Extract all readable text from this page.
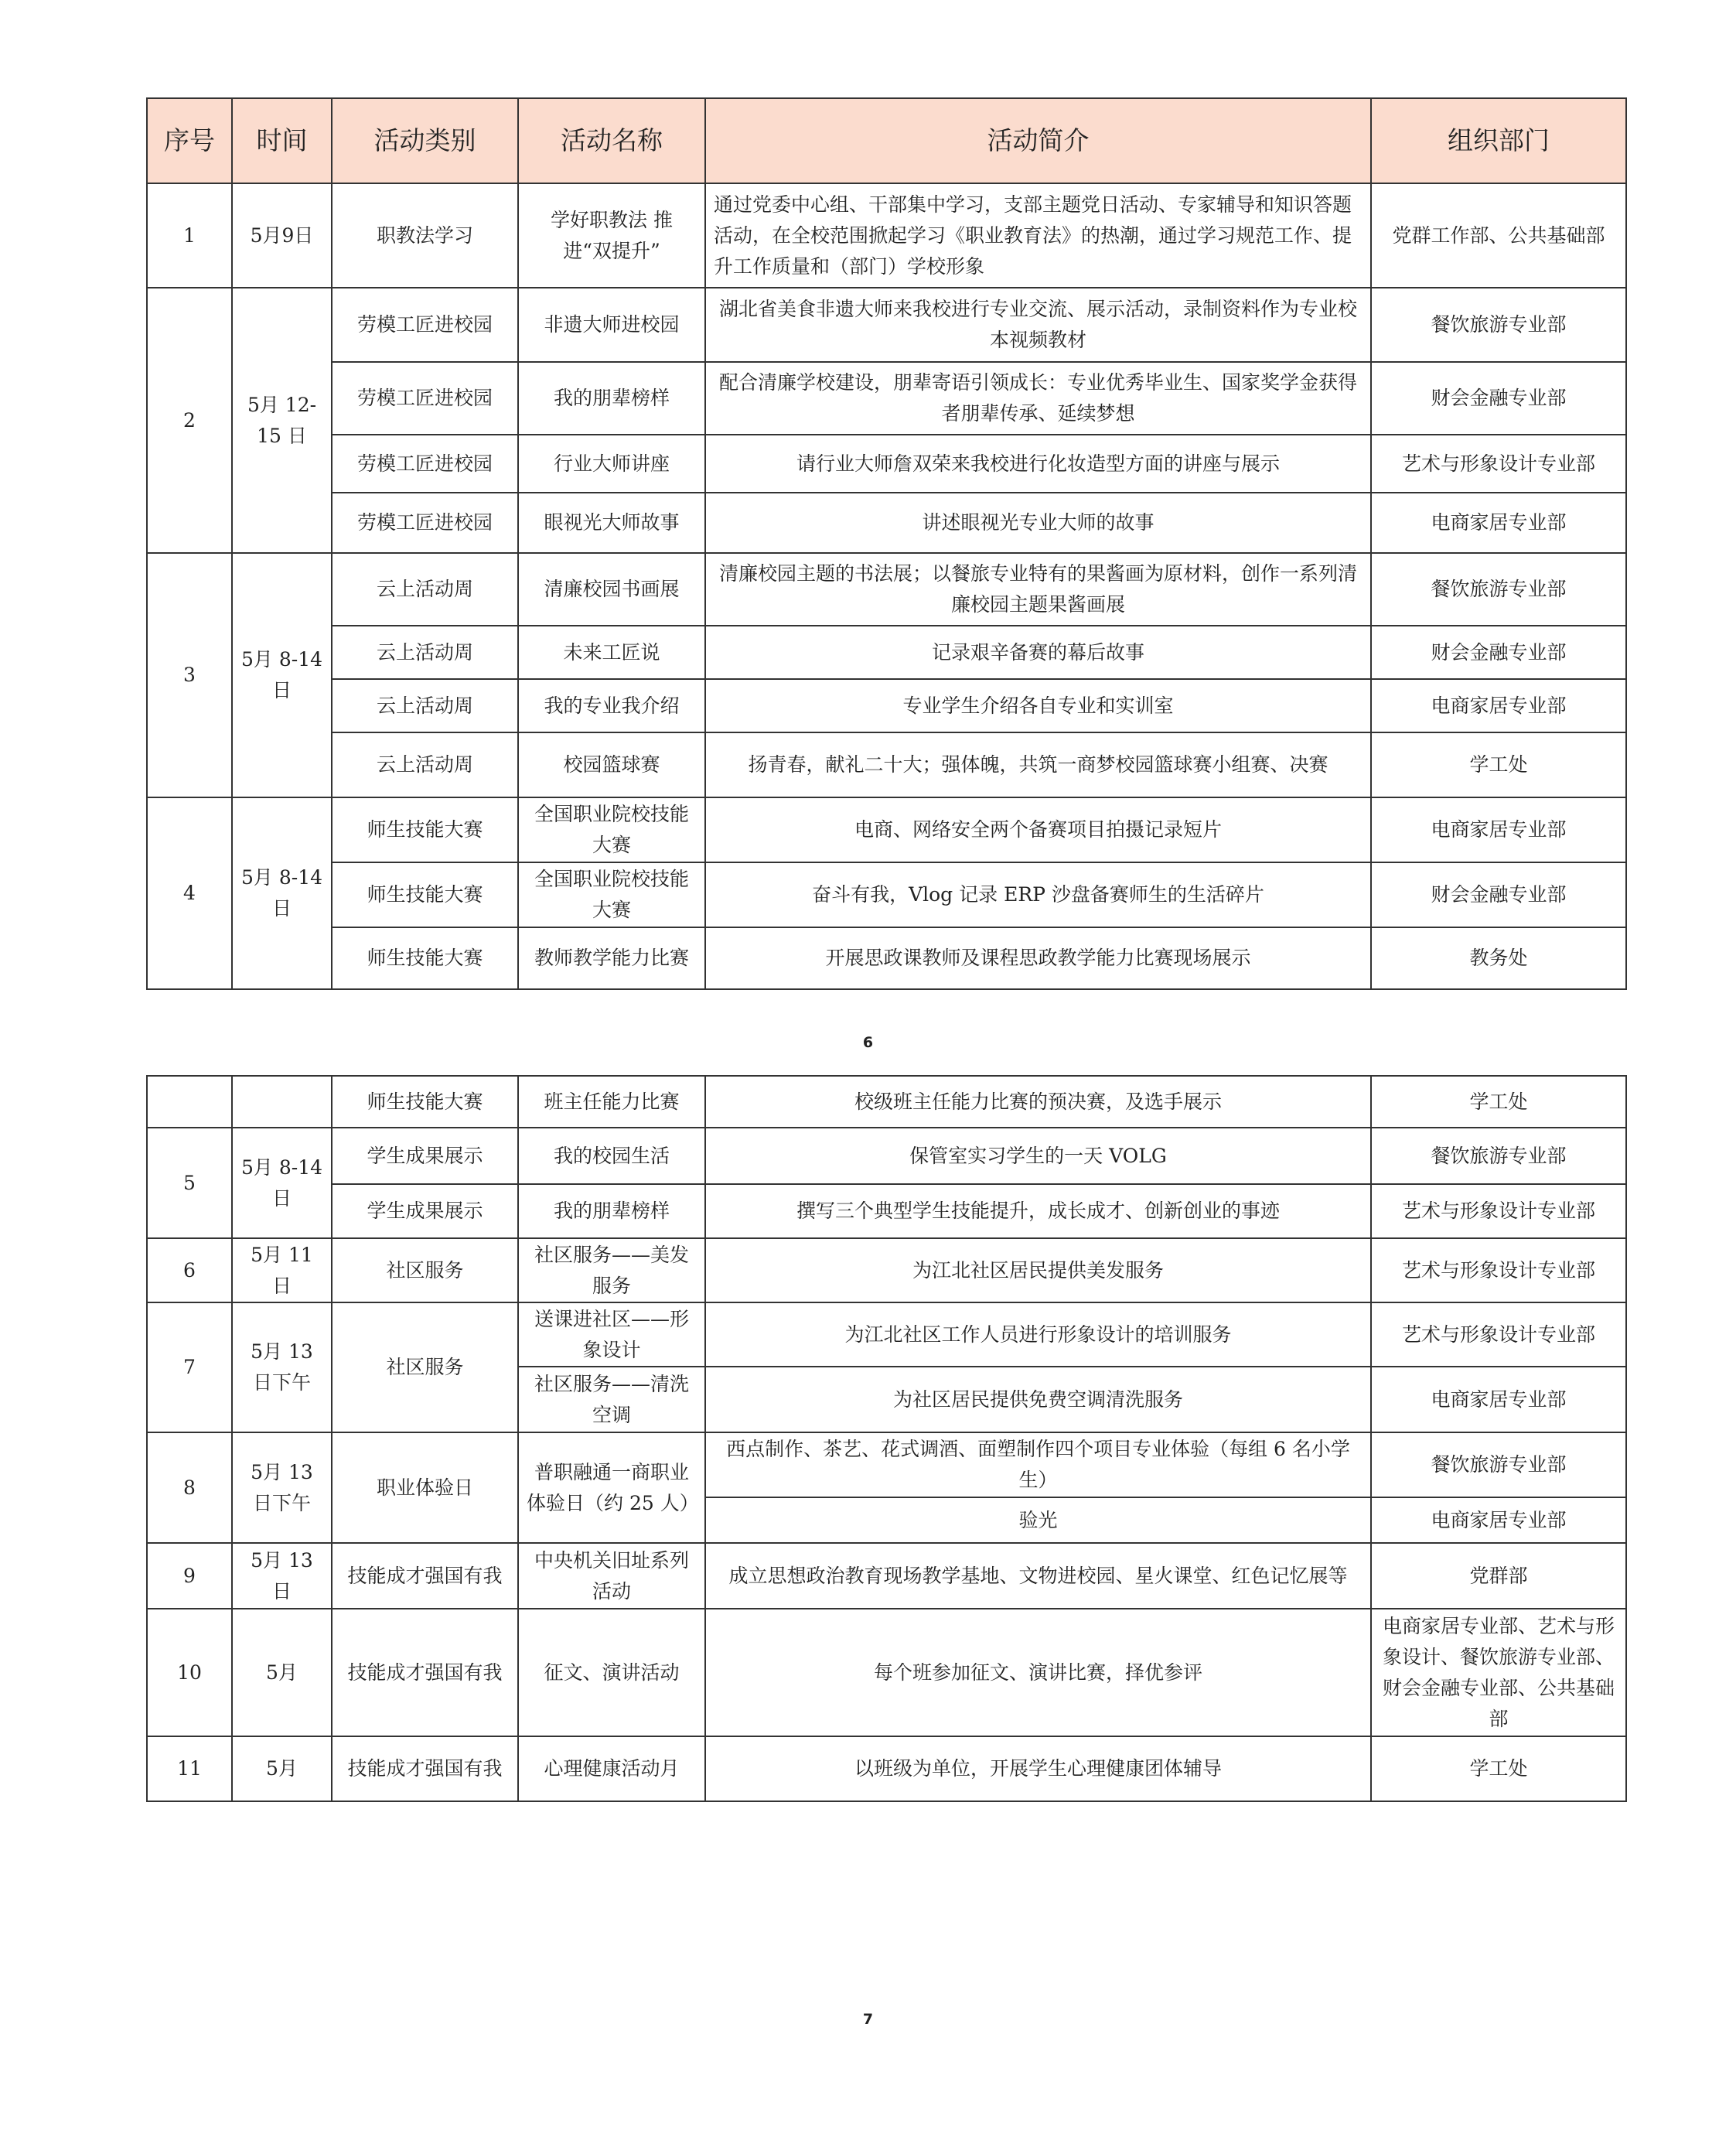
序号	时间	活动类别	活动名称	活动简介	组织部门
1	5月9日	职教法学习	学好职教法 推进“双提升”	通过党委中心组、干部集中学习，支部主题党日活动、专家辅导和知识答题活动，在全校范围掀起学习《职业教育法》的热潮，通过学习规范工作、提升工作质量和（部门）学校形象	党群工作部、公共基础部
2	5月 12-15 日	劳模工匠进校园	非遗大师进校园	湖北省美食非遗大师来我校进行专业交流、展示活动，录制资料作为专业校本视频教材	餐饮旅游专业部
		劳模工匠进校园	我的朋辈榜样	配合清廉学校建设，朋辈寄语引领成长：专业优秀毕业生、国家奖学金获得者朋辈传承、延续梦想	财会金融专业部
		劳模工匠进校园	行业大师讲座	请行业大师詹双荣来我校进行化妆造型方面的讲座与展示	艺术与形象设计专业部
		劳模工匠进校园	眼视光大师故事	讲述眼视光专业大师的故事	电商家居专业部
3	5月 8-14 日	云上活动周	清廉校园书画展	清廉校园主题的书法展；以餐旅专业特有的果酱画为原材料，创作一系列清廉校园主题果酱画展	餐饮旅游专业部
		云上活动周	未来工匠说	记录艰辛备赛的幕后故事	财会金融专业部
		云上活动周	我的专业我介绍	专业学生介绍各自专业和实训室	电商家居专业部
		云上活动周	校园篮球赛	扬青春，献礼二十大；强体魄，共筑一商梦校园篮球赛小组赛、决赛	学工处
4	5月 8-14 日	师生技能大赛	全国职业院校技能大赛	电商、网络安全两个备赛项目拍摄记录短片	电商家居专业部
		师生技能大赛	全国职业院校技能大赛	奋斗有我，Vlog 记录 ERP 沙盘备赛师生的生活碎片	财会金融专业部
		师生技能大赛	教师教学能力比赛	开展思政课教师及课程思政教学能力比赛现场展示	教务处
6
		师生技能大赛	班主任能力比赛	校级班主任能力比赛的预决赛，及选手展示	学工处
5	5月 8-14 日	学生成果展示	我的校园生活	保管室实习学生的一天 VOLG	餐饮旅游专业部
		学生成果展示	我的朋辈榜样	撰写三个典型学生技能提升，成长成才、创新创业的事迹	艺术与形象设计专业部
6	5月 11 日	社区服务	社区服务——美发服务	为江北社区居民提供美发服务	艺术与形象设计专业部
7	5月 13 日下午	社区服务	送课进社区——形象设计	为江北社区工作人员进行形象设计的培训服务	艺术与形象设计专业部
			社区服务——清洗空调	为社区居民提供免费空调清洗服务	电商家居专业部
8	5月 13 日下午	职业体验日	普职融通一商职业体验日（约 25 人）	西点制作、茶艺、花式调酒、面塑制作四个项目专业体验（每组 6 名小学生）	餐饮旅游专业部
				验光	电商家居专业部
9	5月 13 日	技能成才强国有我	中央机关旧址系列活动	成立思想政治教育现场教学基地、文物进校园、星火课堂、红色记忆展等	党群部
10	5月	技能成才强国有我	征文、演讲活动	每个班参加征文、演讲比赛，择优参评	电商家居专业部、艺术与形象设计、餐饮旅游专业部、财会金融专业部、公共基础部
11	5月	技能成才强国有我	心理健康活动月	以班级为单位，开展学生心理健康团体辅导	学工处
7
